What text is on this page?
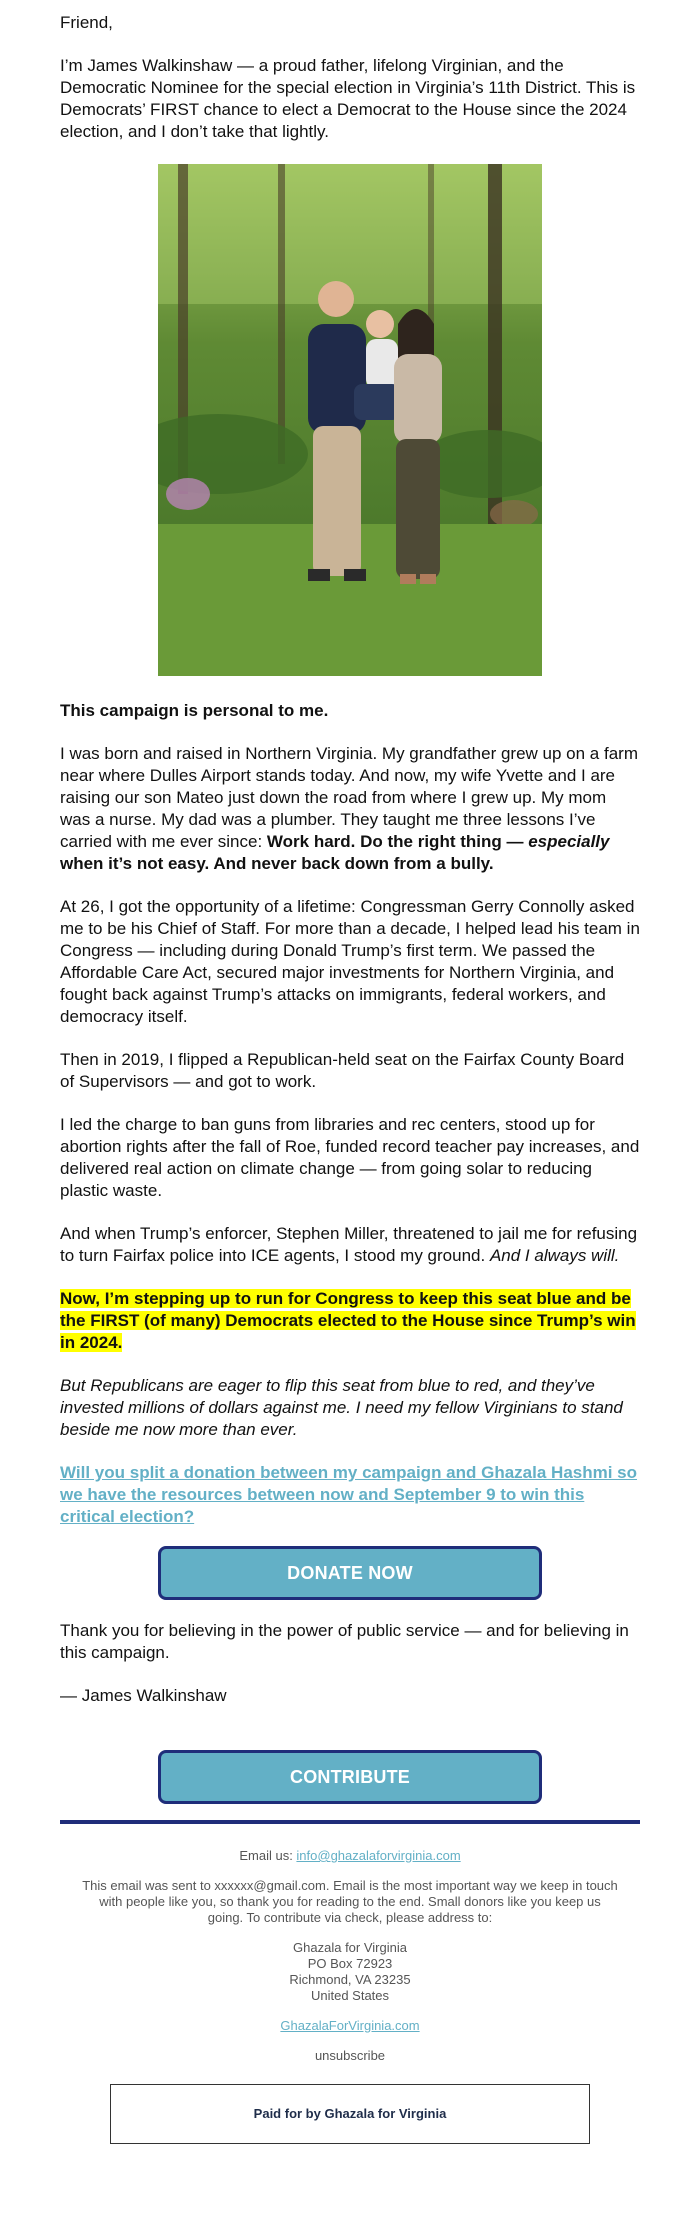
Friend,

I’m James Walkinshaw — a proud father, lifelong Virginian, and the Democratic Nominee for the special election in Virginia’s 11th District. This is Democrats’ FIRST chance to elect a Democrat to the House since the 2024 election, and I don’t take that lightly.

This campaign is personal to me.

I was born and raised in Northern Virginia. My grandfather grew up on a farm near where Dulles Airport stands today. And now, my wife Yvette and I are raising our son Mateo just down the road from where I grew up. My mom was a nurse. My dad was a plumber. They taught me three lessons I’ve carried with me ever since: Work hard. Do the right thing — especially when it’s not easy. And never back down from a bully.

At 26, I got the opportunity of a lifetime: Congressman Gerry Connolly asked me to be his Chief of Staff. For more than a decade, I helped lead his team in Congress — including during Donald Trump’s first term. We passed the Affordable Care Act, secured major investments for Northern Virginia, and fought back against Trump’s attacks on immigrants, federal workers, and democracy itself.

Then in 2019, I flipped a Republican-held seat on the Fairfax County Board of Supervisors — and got to work.

I led the charge to ban guns from libraries and rec centers, stood up for abortion rights after the fall of Roe, funded record teacher pay increases, and delivered real action on climate change — from going solar to reducing plastic waste.

And when Trump’s enforcer, Stephen Miller, threatened to jail me for refusing to turn Fairfax police into ICE agents, I stood my ground. And I always will.

Now, I’m stepping up to run for Congress to keep this seat blue and be the FIRST (of many) Democrats elected to the House since Trump’s win in 2024.

But Republicans are eager to flip this seat from blue to red, and they’ve invested millions of dollars against me. I need my fellow Virginians to stand beside me now more than ever.

Will you split a donation between my campaign and Ghazala Hashmi so we have the resources between now and September 9 to win this critical election?

DONATE NOW

Thank you for believing in the power of public service — and for believing in this campaign.

— James Walkinshaw

CONTRIBUTE
Email us: info@ghazalaforvirginia.com
This email was sent to xxxxxx@gmail.com. Email is the most important way we keep in touch with people like you, so thank you for reading to the end. Small donors like you keep us going. To contribute via check, please address to:
Ghazala for Virginia
PO Box 72923
Richmond, VA 23235
United States
GhazalaForVirginia.com
unsubscribe
Paid for by Ghazala for Virginia
